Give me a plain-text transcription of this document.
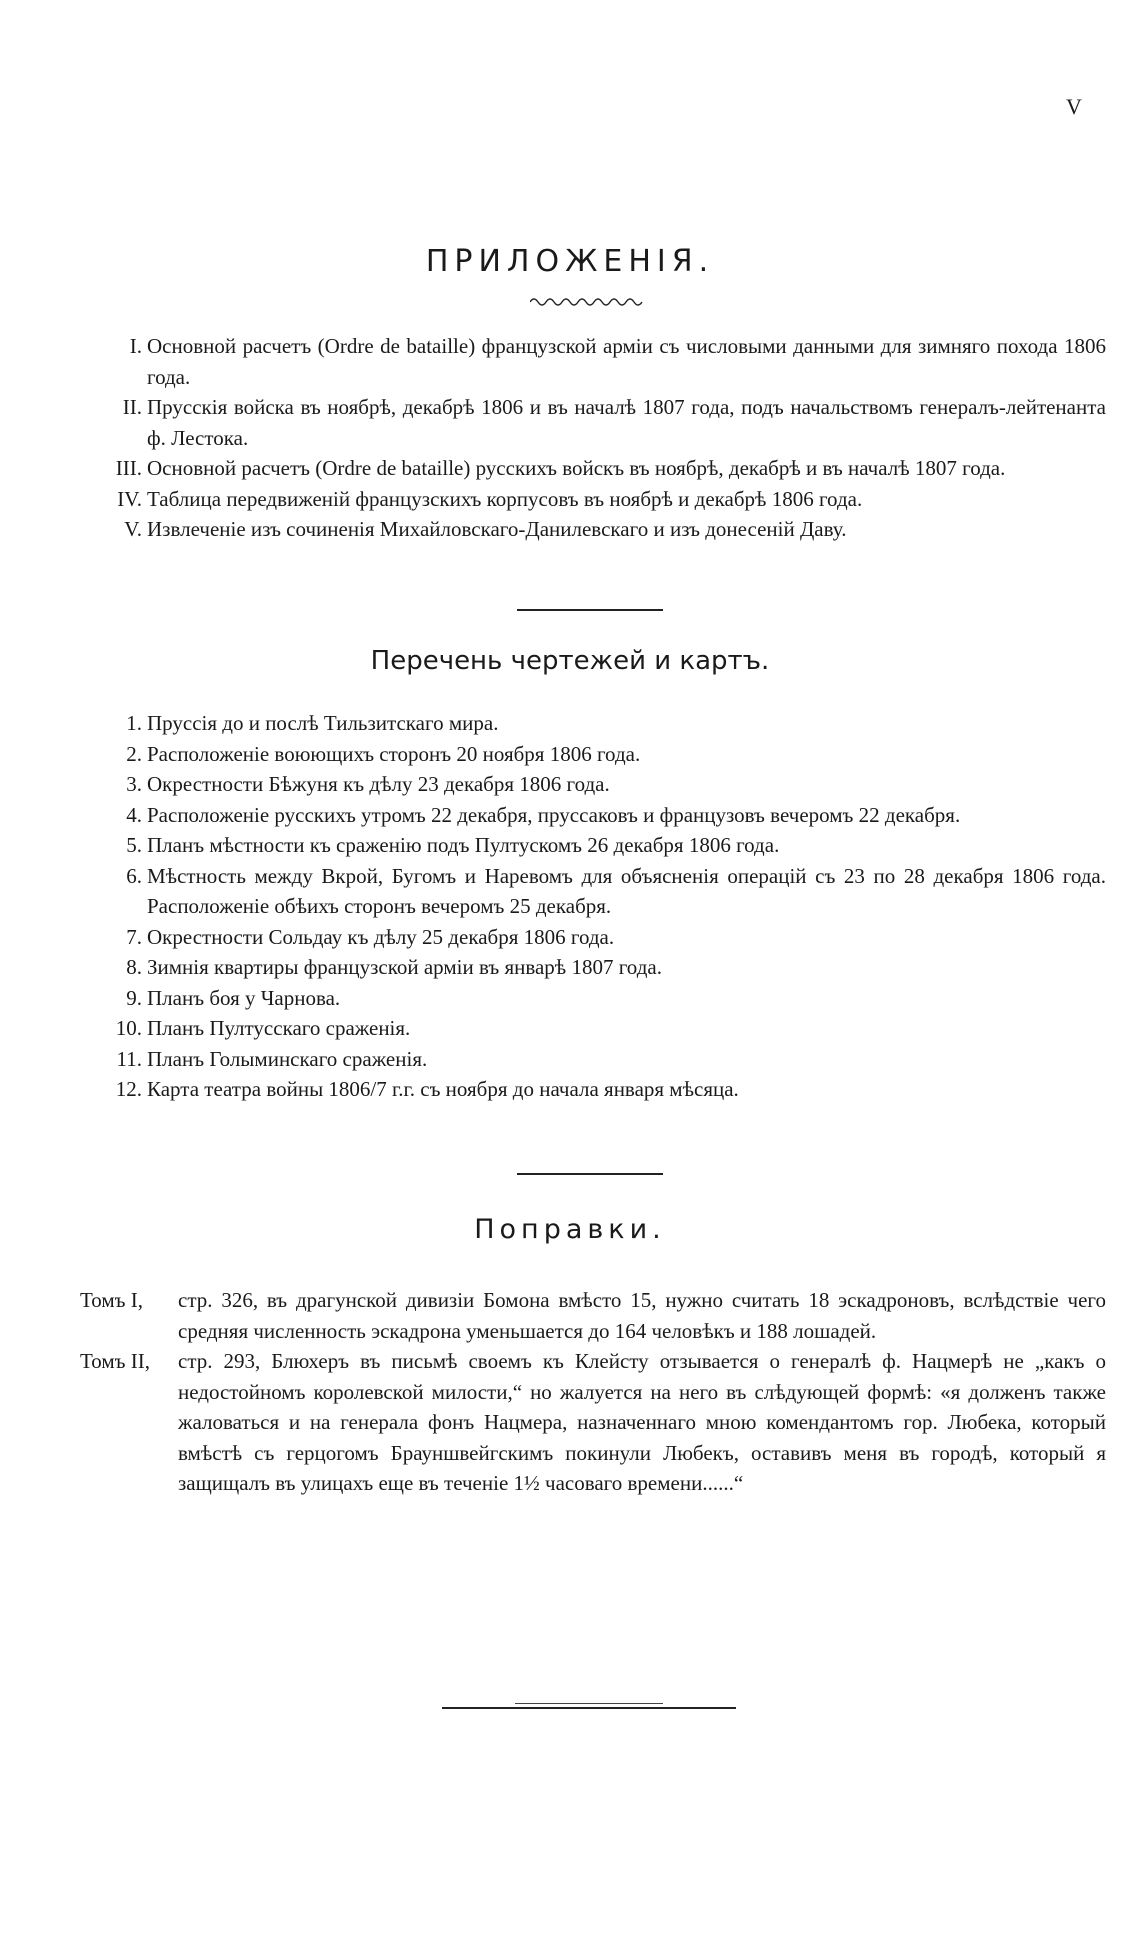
V
ПРИЛОЖЕНІЯ.
I. Основной расчетъ (Ordre de bataille) французской арміи съ числовыми данными для зимняго похода 1806 года.
II. Прусскія войска въ ноябрѣ, декабрѣ 1806 и въ началѣ 1807 года, подъ начальствомъ генералъ-лейтенанта ф. Лестока.
III. Основной расчетъ (Ordre de bataille) русскихъ войскъ въ ноябрѣ, декабрѣ и въ началѣ 1807 года.
IV. Таблица передвиженій французскихъ корпусовъ въ ноябрѣ и декабрѣ 1806 года.
V. Извлеченіе изъ сочиненія Михайловскаго-Данилевскаго и изъ донесеній Даву.
Перечень чертежей и картъ.
1. Пруссія до и послѣ Тильзитскаго мира.
2. Расположеніе воюющихъ сторонъ 20 ноября 1806 года.
3. Окрестности Бѣжуня къ дѣлу 23 декабря 1806 года.
4. Расположеніе русскихъ утромъ 22 декабря, пруссаковъ и французовъ вечеромъ 22 декабря.
5. Планъ мѣстности къ сраженію подъ Пултускомъ 26 декабря 1806 года.
6. Мѣстность между Вкрой, Бугомъ и Наревомъ для объясненія операцій съ 23 по 28 декабря 1806 года. Расположеніе обѣихъ сторонъ вечеромъ 25 декабря.
7. Окрестности Сольдау къ дѣлу 25 декабря 1806 года.
8. Зимнія квартиры французской арміи въ январѣ 1807 года.
9. Планъ боя у Чарнова.
10. Планъ Пултусскаго сраженія.
11. Планъ Голыминскаго сраженія.
12. Карта театра войны 1806/7 г.г. съ ноября до начала января мѣсяца.
Поправки.
Томъ I,	стр. 326, въ драгунской дивизіи Бомона вмѣсто 15, нужно считать 18 эскадроновъ, вслѣдствіе чего средняя численность эскадрона уменьшается до 164 человѣкъ и 188 лошадей.
Томъ II,	стр. 293, Блюхеръ въ письмѣ своемъ къ Клейсту отзывается о генералѣ ф. Нацмерѣ не „какъ о недостойномъ королевской милости,“ но жалуется на него въ слѣдующей формѣ: «я долженъ также жаловаться и на генерала фонъ Нацмера, назначеннаго мною комендантомъ гор. Любека, который вмѣстѣ съ герцогомъ Брауншвейгскимъ покинули Любекъ, оставивъ меня въ городѣ, который я защищалъ въ улицахъ еще въ теченіе 1½ часоваго времени......“
